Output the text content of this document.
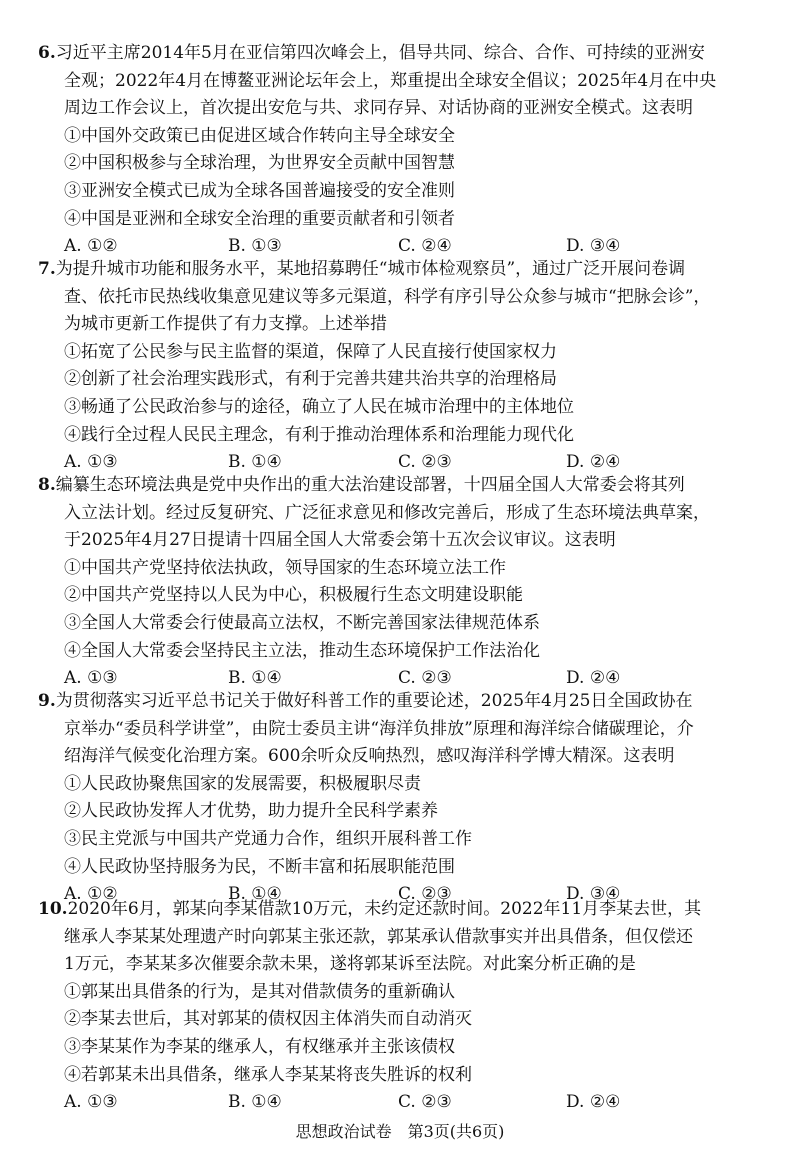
6.习近平主席2014年5月在亚信第四次峰会上，倡导共同、综合、合作、可持续的亚洲安
全观；2022年4月在博鳌亚洲论坛年会上，郑重提出全球安全倡议；2025年4月在中央
周边工作会议上，首次提出安危与共、求同存异、对话协商的亚洲安全模式。这表明
①中国外交政策已由促进区域合作转向主导全球安全
②中国积极参与全球治理，为世界安全贡献中国智慧
③亚洲安全模式已成为全球各国普遍接受的安全准则
④中国是亚洲和全球安全治理的重要贡献者和引领者
A. ①②	B. ①③	C. ②④	D. ③④
7.为提升城市功能和服务水平，某地招募聘任“城市体检观察员”，通过广泛开展问卷调
查、依托市民热线收集意见建议等多元渠道，科学有序引导公众参与城市“把脉会诊”，
为城市更新工作提供了有力支撑。上述举措
①拓宽了公民参与民主监督的渠道，保障了人民直接行使国家权力
②创新了社会治理实践形式，有利于完善共建共治共享的治理格局
③畅通了公民政治参与的途径，确立了人民在城市治理中的主体地位
④践行全过程人民民主理念，有利于推动治理体系和治理能力现代化
A. ①③	B. ①④	C. ②③	D. ②④
8.编纂生态环境法典是党中央作出的重大法治建设部署，十四届全国人大常委会将其列
入立法计划。经过反复研究、广泛征求意见和修改完善后，形成了生态环境法典草案，
于2025年4月27日提请十四届全国人大常委会第十五次会议审议。这表明
①中国共产党坚持依法执政，领导国家的生态环境立法工作
②中国共产党坚持以人民为中心，积极履行生态文明建设职能
③全国人大常委会行使最高立法权，不断完善国家法律规范体系
④全国人大常委会坚持民主立法，推动生态环境保护工作法治化
A. ①③	B. ①④	C. ②③	D. ②④
9.为贯彻落实习近平总书记关于做好科普工作的重要论述，2025年4月25日全国政协在
京举办“委员科学讲堂”，由院士委员主讲“海洋负排放”原理和海洋综合储碳理论，介
绍海洋气候变化治理方案。600余听众反响热烈，感叹海洋科学博大精深。这表明
①人民政协聚焦国家的发展需要，积极履职尽责
②人民政协发挥人才优势，助力提升全民科学素养
③民主党派与中国共产党通力合作，组织开展科普工作
④人民政协坚持服务为民，不断丰富和拓展职能范围
A. ①②	B. ①④	C. ②③	D. ③④
10.2020年6月，郭某向李某借款10万元，未约定还款时间。2022年11月李某去世，其
继承人李某某处理遗产时向郭某主张还款，郭某承认借款事实并出具借条，但仅偿还
1万元，李某某多次催要余款未果，遂将郭某诉至法院。对此案分析正确的是
①郭某出具借条的行为，是其对借款债务的重新确认
②李某去世后，其对郭某的债权因主体消失而自动消灭
③李某某作为李某的继承人，有权继承并主张该债权
④若郭某未出具借条，继承人李某某将丧失胜诉的权利
A. ①③	B. ①④	C. ②③	D. ②④
思想政治试卷　第3页(共6页)
